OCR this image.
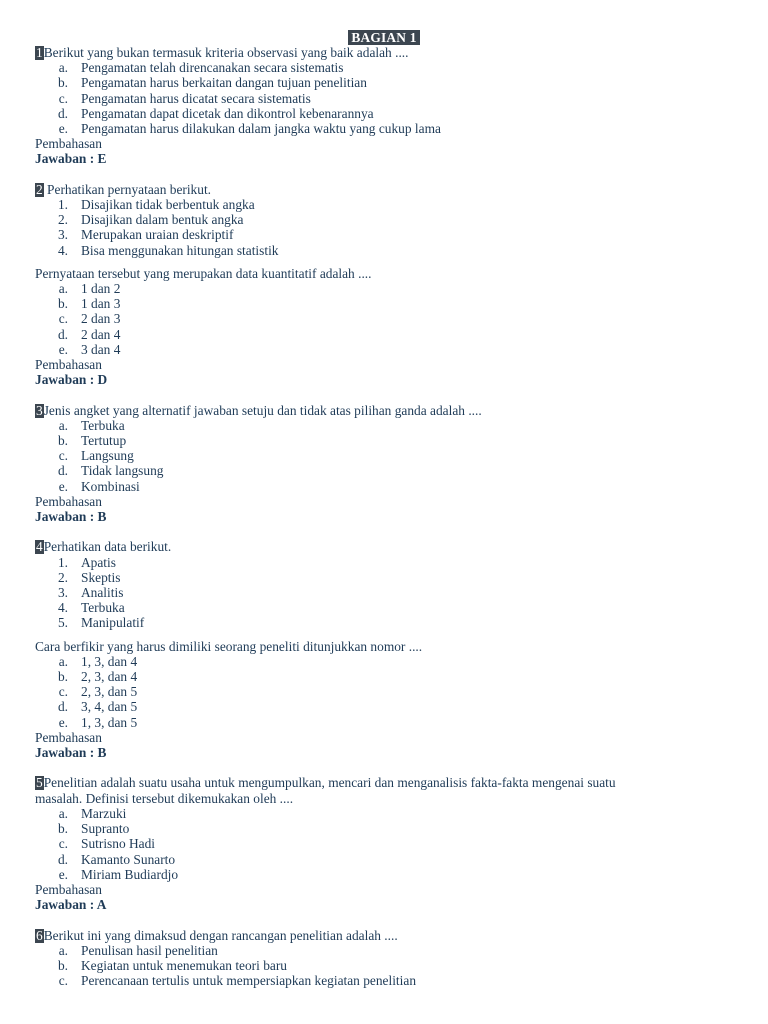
BAGIAN 1
1Berikut yang bukan termasuk kriteria observasi yang baik adalah ....
a. Pengamatan telah direncanakan secara sistematis
b. Pengamatan harus berkaitan dangan tujuan penelitian
c. Pengamatan harus dicatat secara sistematis
d. Pengamatan dapat dicetak dan dikontrol kebenarannya
e. Pengamatan harus dilakukan dalam jangka waktu yang cukup lama
Pembahasan
Jawaban : E
2 Perhatikan pernyataan berikut.
1. Disajikan tidak berbentuk angka
2. Disajikan dalam bentuk angka
3. Merupakan uraian deskriptif
4. Bisa menggunakan hitungan statistik
Pernyataan tersebut yang merupakan data kuantitatif adalah ....
a. 1 dan 2
b. 1 dan 3
c. 2 dan 3
d. 2 dan 4
e. 3 dan 4
Pembahasan
Jawaban : D
3Jenis angket yang alternatif jawaban setuju dan tidak atas pilihan ganda adalah ....
a. Terbuka
b. Tertutup
c. Langsung
d. Tidak langsung
e. Kombinasi
Pembahasan
Jawaban : B
4Perhatikan data berikut.
1. Apatis
2. Skeptis
3. Analitis
4. Terbuka
5. Manipulatif
Cara berfikir yang harus dimiliki seorang peneliti ditunjukkan nomor ....
a. 1, 3, dan 4
b. 2, 3, dan 4
c. 2, 3, dan 5
d. 3, 4, dan 5
e. 1, 3, dan 5
Pembahasan
Jawaban : B
5Penelitian adalah suatu usaha untuk mengumpulkan, mencari dan menganalisis fakta-fakta mengenai suatu
masalah. Definisi tersebut dikemukakan oleh ....
a. Marzuki
b. Supranto
c. Sutrisno Hadi
d. Kamanto Sunarto
e. Miriam Budiardjo
Pembahasan
Jawaban : A
6Berikut ini yang dimaksud dengan rancangan penelitian adalah ....
a. Penulisan hasil penelitian
b. Kegiatan untuk menemukan teori baru
c. Perencanaan tertulis untuk mempersiapkan kegiatan penelitian
